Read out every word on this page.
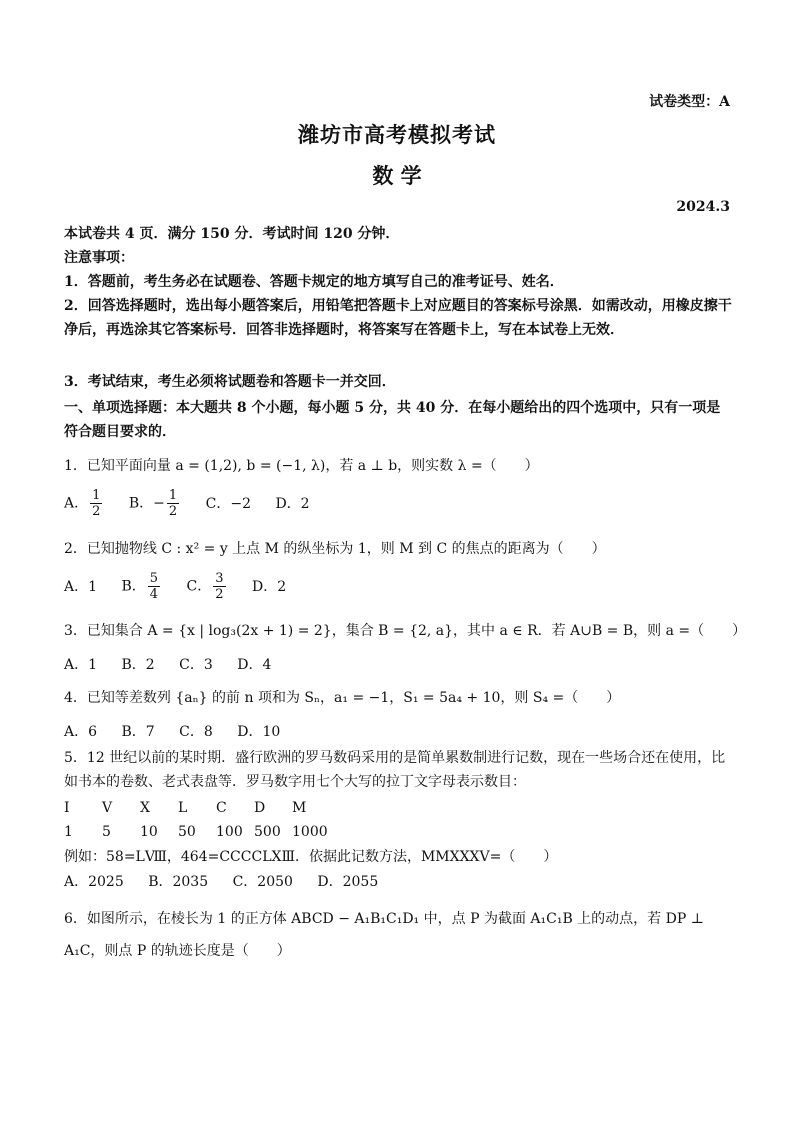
试卷类型：A
潍坊市高考模拟考试
数 学
2024.3
本试卷共 4 页．满分 150 分．考试时间 120 分钟．
注意事项：
1．答题前，考生务必在试题卷、答题卡规定的地方填写自己的准考证号、姓名．
2．回答选择题时，选出每小题答案后，用铅笔把答题卡上对应题目的答案标号涂黑．如需改动，用橡皮擦干净后，再选涂其它答案标号．回答非选择题时，将答案写在答题卡上，写在本试卷上无效．
3．考试结束，考生必须将试题卷和答题卡一并交回．
一、单项选择题：本大题共 8 个小题，每小题 5 分，共 40 分．在每小题给出的四个选项中，只有一项是符合题目要求的．
1．已知平面向量 a = (1,2), b = (−1, λ)，若 a ⊥ b，则实数 λ =（　　）
A． $\frac{1}{2}$ B．− $\frac{1}{2}$ C．−2 D．2
2．已知抛物线 C : x² = y 上点 M 的纵坐标为 1，则 M 到 C 的焦点的距离为（　　）
A．1 B． $\frac{5}{4}$ C． $\frac{3}{2}$ D．2
3．已知集合 A = {x | log₃(2x + 1) = 2}，集合 B = {2, a}，其中 a ∈ R．若 A∪B = B，则 a =（　　）
A．1 B．2 C．3 D．4
4．已知等差数列 {aₙ} 的前 n 项和为 Sₙ，a₁ = −1，S₁ = 5a₄ + 10，则 S₄ =（　　）
A．6 B．7 C．8 D．10
5．12 世纪以前的某时期．盛行欧洲的罗马数码采用的是简单累数制进行记数，现在一些场合还在使用，比如书本的卷数、老式表盘等．罗马数字用七个大写的拉丁文字母表示数目：
I V X L C D M
1 5 10 50 100 500 1000
例如：58=LⅧ，464=CCCCLXⅢ．依据此记数方法，MMXXXV=（　　）
A．2025 B．2035 C．2050 D．2055
6．如图所示，在棱长为 1 的正方体 ABCD − A₁B₁C₁D₁ 中，点 P 为截面 A₁C₁B 上的动点，若 DP ⊥ A₁C，则点 P 的轨迹长度是（　　）
